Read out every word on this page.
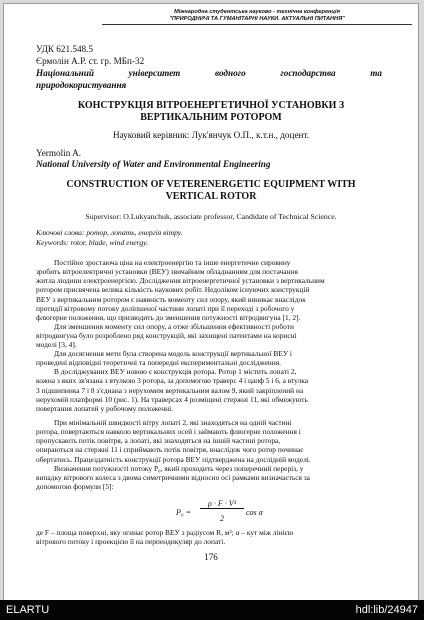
Міжнародна студентська науково - технічна конференція
"ПРИРОДНИЧІ ТА ГУМАНІТАРНІ НАУКИ. АКТУАЛЬНІ ПИТАННЯ"
УДК 621.548.5
Єрмолін А.Р. ст. гр. МБп-32
Національний університет водного господарства та
природокористування
КОНСТРУКЦІЯ ВІТРОЕНЕРГЕТИЧНОЇ УСТАНОВКИ З
ВЕРТИКАЛЬНИМ РОТОРОМ
Науковий керівник: Лук'янчук О.П., к.т.н., доцент.
Yermolin A.
National University of Water and Environmental Engineering
CONSTRUCTION OF VETERENERGETIC EQUIPMENT WITH
VERTICAL ROTOR
Supervisor: O.Lukyanchuk, associate professor, Candidate of Technical Science.
Ключові слова: ротор, лопать, енергія вітру.
Keywords: rotor, blade, wind energy.
Постійно зростаюча ціна на електроенергію та інше енергетичне сировину
зробить вітроелектричні установки (ВЕУ) звичайним обладнанням для постачання
житла людини електроенергією. Дослідження вітроенергетичної установки з вертикальним
ротором присвячена велика кількість наукових робіт. Недоліком існуючих конструкцій
ВЕУ з вертикальним ротором є наявність моменту сил опору, який виникає внаслідок
протидії вітровому потоку доліпшеної частини лопаті при її переході з робочого у
флюгерне положення, що призводить до зменшення потужності вітродвигуна [1, 2].
Для зменшення моменту сил опору, а отже збільшення ефективності роботи
вітродвигуна було розроблено ряд конструкцій, які захищені патентами на корисні
моделі [3, 4].
Для досягнення мети була створена модель конструкції вертикальної ВЕУ і
проведені відповідні теоретичні та попередні експериментальні дослідження.
В досліджуваних ВЕУ новою є конструкція ротора. Ротор 1 містить лопаті 2,
кожна з яких зв'язана з втулкою 3 ротора, за допомогою траверс 4 і цапф 5 і 6, а втулка
3 підшипника 7 і 8 з'єднана з нерухомим вертикальним валом 9, який закріплений на
нерухомій платформі 10 (рис. 1). На траверсах 4 розміщені стержні 11, які обмежують
повертання лопатей у робочому положенні.
При мінімальній швидкості вітру лопаті 2, які знаходяться на одній частині
ротора, повертаються навколо вертикальних осей і займають флюгерне положення і
пропускають потік повітря, а лопаті, які знаходяться на іншій частині ротора,
опираються на стержні 11 і сприймають потік повітря, внаслідок чого ротор починає
обертатись. Працездатність конструкції ротора ВЕУ підтверджена на дослідній моделі.
Визначення потужності потоку P₀, який проходить через поперечний переріз, у
випадку вітрового колеса з двома симетричними відносно осі рамками визначається за
допомогою формули [5]:
P₀ =
ρ · F · V³
2
cos α
де F – площа поверхні, яку огинає ротор ВЕУ з радіусом R, м²; α – кут між лінією
вітрового потоку і проекцією її на перпендикуляр до лопаті.
176
ELARTU	hdl:lib/24947
